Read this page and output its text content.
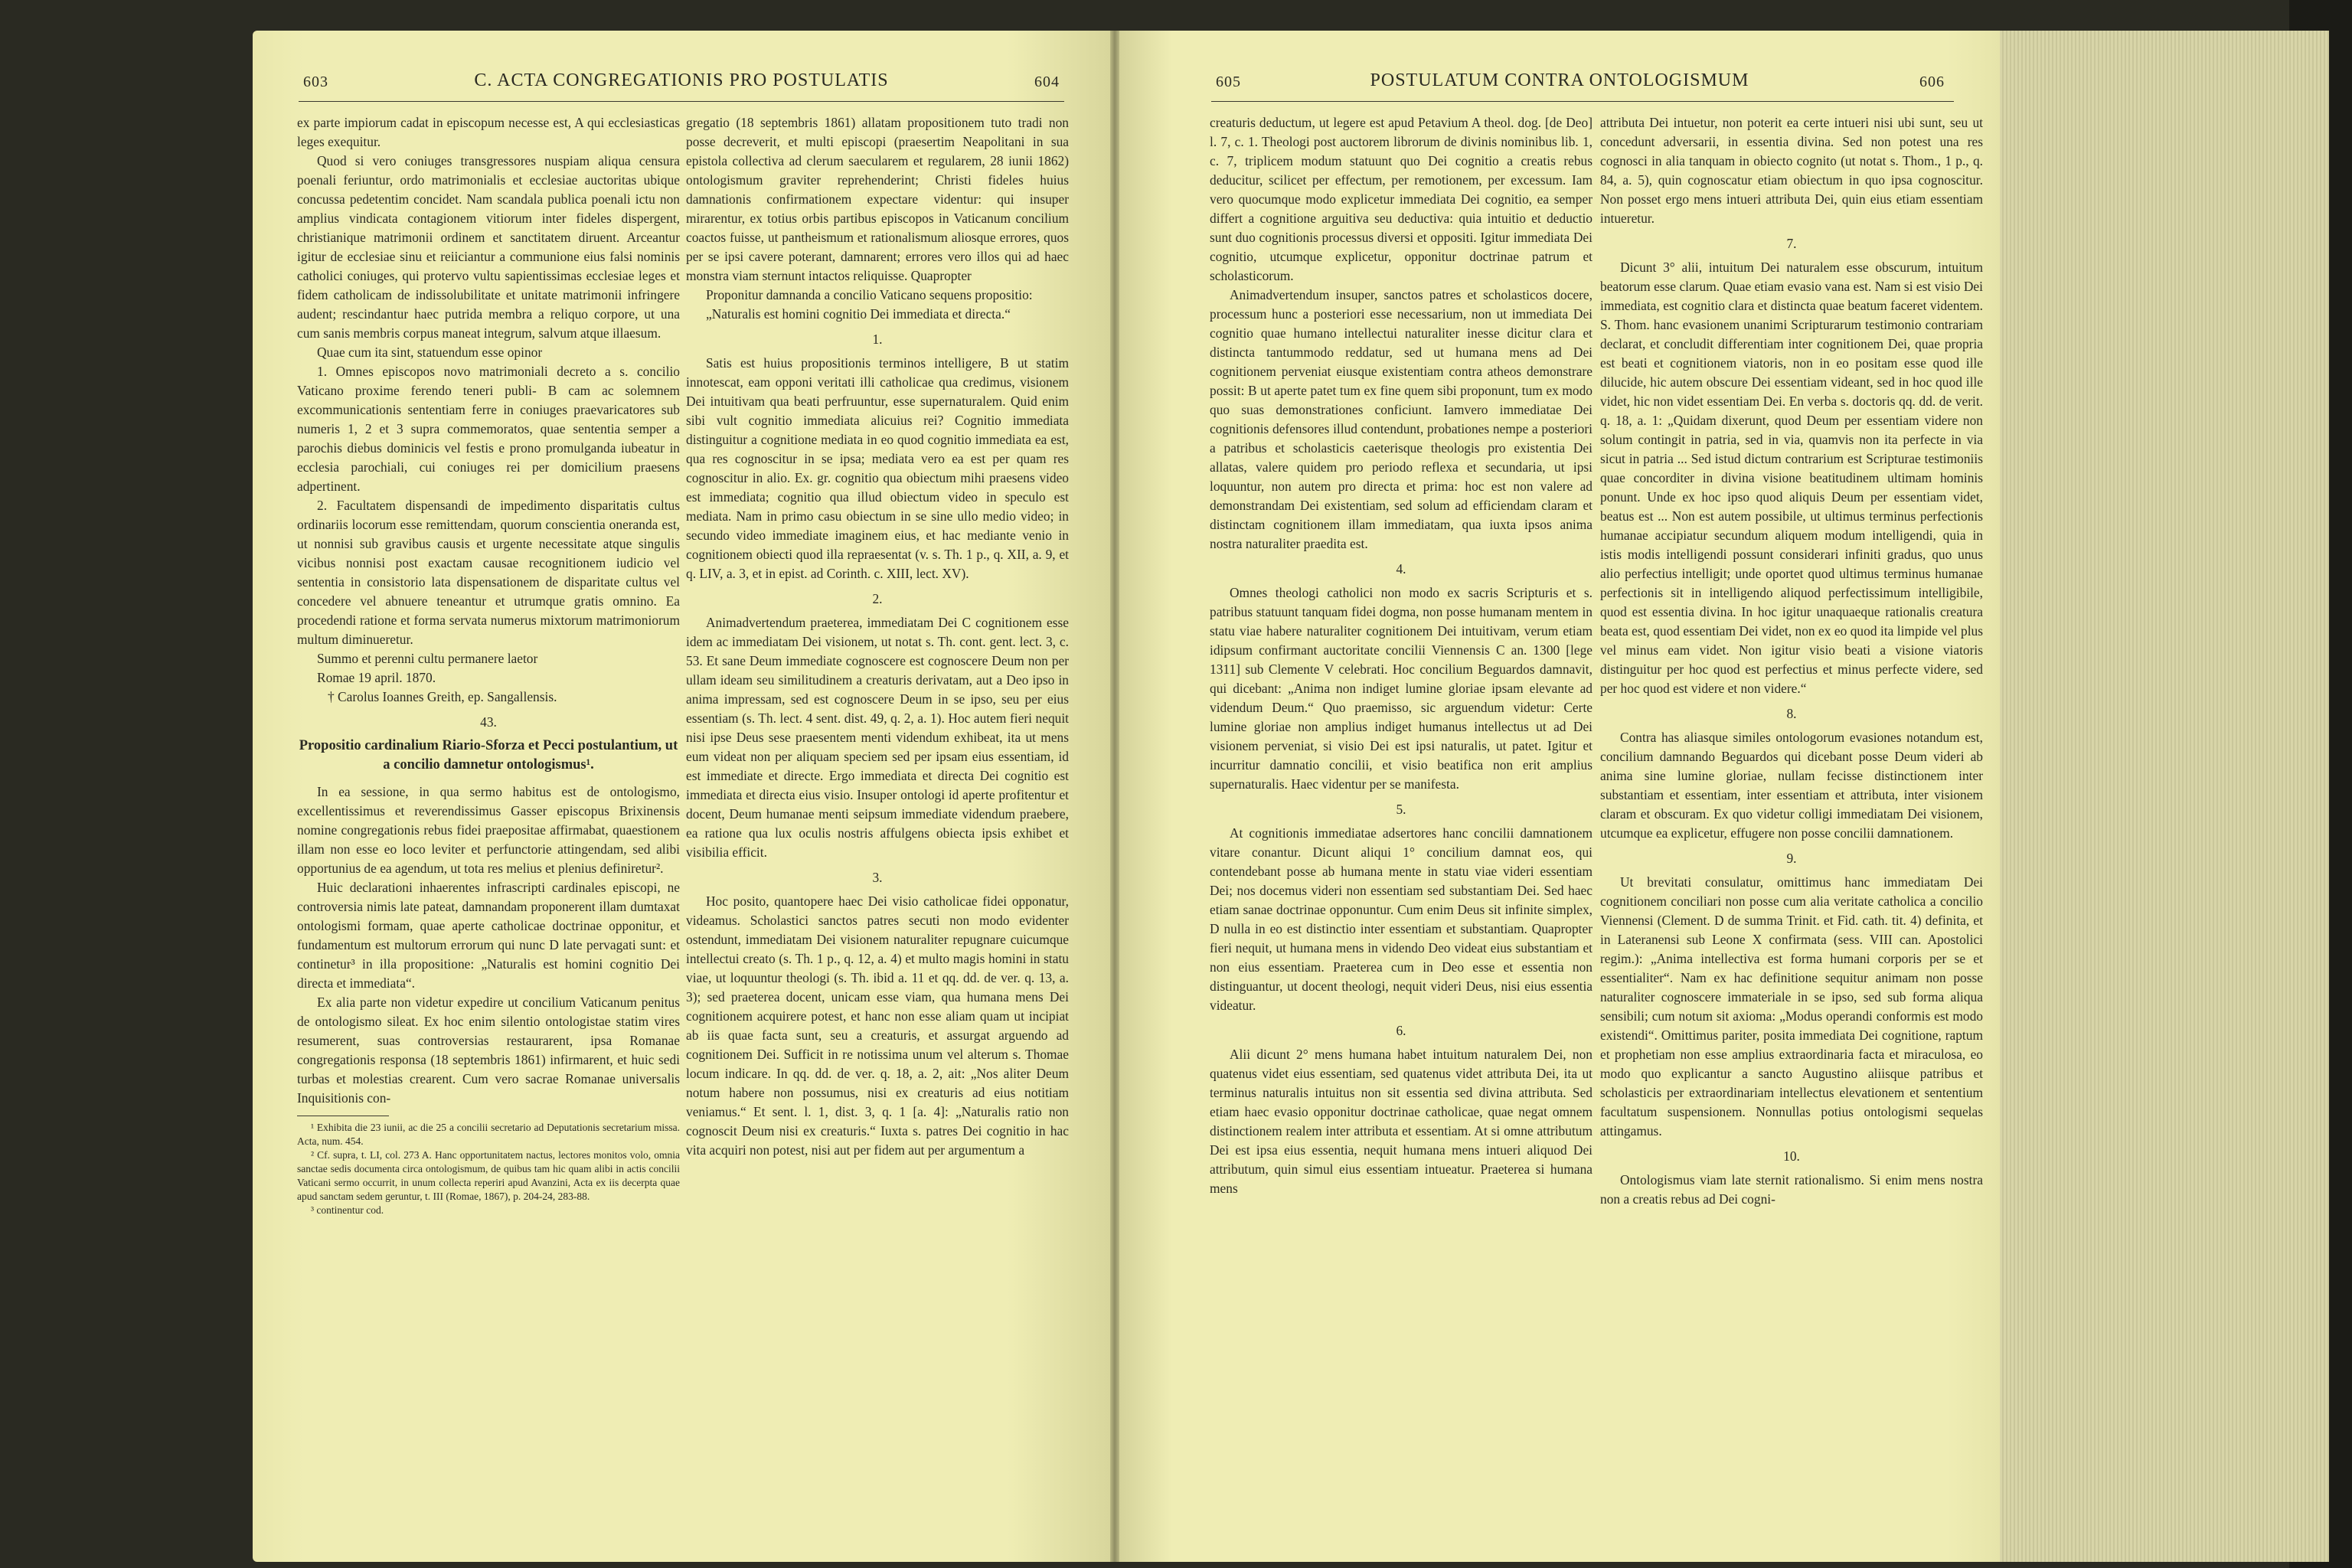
603	C. ACTA CONGREGATIONIS PRO POSTULATIS	604

ex parte impiorum cadat in episcopum necesse est, A qui ecclesiasticas leges exequitur.

Quod si vero coniuges transgressores nuspiam aliqua censura poenali feriuntur, ordo matrimonialis et ecclesiae auctoritas ubique concussa pedetentim concidet. Nam scandala publica poenali ictu non amplius vindicata contagionem vitiorum inter fideles dispergent, christianique matrimonii ordinem et sanctitatem diruent. Arceantur igitur de ecclesiae sinu et reiiciantur a communione eius falsi nominis catholici coniuges, qui protervo vultu sapientissimas ecclesiae leges et fidem catholicam de indissolubilitate et unitate matrimonii infringere audent; rescindantur haec putrida membra a reliquo corpore, ut una cum sanis membris corpus maneat integrum, salvum atque illaesum.

Quae cum ita sint, statuendum esse opinor

1. Omnes episcopos novo matrimoniali decreto a s. concilio Vaticano proxime ferendo teneri publi- B cam ac solemnem excommunicationis sententiam ferre in coniuges praevaricatores sub numeris 1, 2 et 3 supra commemoratos, quae sententia semper a parochis diebus dominicis vel festis e prono promulganda iubeatur in ecclesia parochiali, cui coniuges rei per domicilium praesens adpertinent.

2. Facultatem dispensandi de impedimento disparitatis cultus ordinariis locorum esse remittendam, quorum conscientia oneranda est, ut nonnisi sub gravibus causis et urgente necessitate atque singulis vicibus nonnisi post exactam causae recognitionem iudicio vel sententia in consistorio lata dispensationem de disparitate cultus vel concedere vel abnuere teneantur et utrumque gratis omnino. Ea procedendi ratione et forma servata numerus mixtorum matrimoniorum multum diminueretur.

Summo et perenni cultu permanere laetor

Romae 19 april. 1870.

† Carolus Ioannes Greith, ep. Sangallensis.

43.

Propositio cardinalium Riario-Sforza et Pecci postulantium, ut a concilio damnetur ontologismus¹.

In ea sessione, in qua sermo habitus est de ontologismo, excellentissimus et reverendissimus Gasser episcopus Brixinensis nomine congregationis rebus fidei praepositae affirmabat, quaestionem illam non esse eo loco leviter et perfunctorie attingendam, sed alibi opportunius de ea agendum, ut tota res melius et plenius definiretur².

Huic declarationi inhaerentes infrascripti cardinales episcopi, ne controversia nimis late pateat, damnandam proponerent illam dumtaxat ontologismi formam, quae aperte catholicae doctrinae opponitur, et fundamentum est multorum errorum qui nunc D late pervagati sunt: et continetur³ in illa propositione: „Naturalis est homini cognitio Dei directa et immediata“.

Ex alia parte non videtur expedire ut concilium Vaticanum penitus de ontologismo sileat. Ex hoc enim silentio ontologistae statim vires resumerent, suas controversias restaurarent, ipsa Romanae congregationis responsa (18 septembris 1861) infirmarent, et huic sedi turbas et molestias crearent. Cum vero sacrae Romanae universalis Inquisitionis con-

¹ Exhibita die 23 iunii, ac die 25 a concilii secretario ad Deputationis secretarium missa. Acta, num. 454.

² Cf. supra, t. LI, col. 273 A. Hanc opportunitatem nactus, lectores monitos volo, omnia sanctae sedis documenta circa ontologismum, de quibus tam hic quam alibi in actis concilii Vaticani sermo occurrit, in unum collecta reperiri apud Avanzini, Acta ex iis decerpta quae apud sanctam sedem geruntur, t. III (Romae, 1867), p. 204-24, 283-88.

³ continentur cod.

gregatio (18 septembris 1861) allatam propositionem tuto tradi non posse decreverit, et multi episcopi (praesertim Neapolitani in sua epistola collectiva ad clerum saecularem et regularem, 28 iunii 1862) ontologismum graviter reprehenderint; Christi fideles huius damnationis confirmationem expectare videntur: qui insuper mirarentur, ex totius orbis partibus episcopos in Vaticanum concilium coactos fuisse, ut pantheismum et rationalismum aliosque errores, quos per se ipsi cavere poterant, damnarent; errores vero illos qui ad haec monstra viam sternunt intactos reliquisse. Quapropter

Proponitur damnanda a concilio Vaticano sequens propositio:

„Naturalis est homini cognitio Dei immediata et directa.“

1.

Satis est huius propositionis terminos intelligere, B ut statim innotescat, eam opponi veritati illi catholicae qua credimus, visionem Dei intuitivam qua beati perfruuntur, esse supernaturalem. Quid enim sibi vult cognitio immediata alicuius rei? Cognitio immediata distinguitur a cognitione mediata in eo quod cognitio immediata ea est, qua res cognoscitur in se ipsa; mediata vero ea est per quam res cognoscitur in alio. Ex. gr. cognitio qua obiectum mihi praesens video est immediata; cognitio qua illud obiectum video in speculo est mediata. Nam in primo casu obiectum in se sine ullo medio video; in secundo video immediate imaginem eius, et hac mediante venio in cognitionem obiecti quod illa repraesentat (v. s. Th. 1 p., q. XII, a. 9, et q. LIV, a. 3, et in epist. ad Corinth. c. XIII, lect. XV).

2.

Animadvertendum praeterea, immediatam Dei C cognitionem esse idem ac immediatam Dei visionem, ut notat s. Th. cont. gent. lect. 3, c. 53. Et sane Deum immediate cognoscere est cognoscere Deum non per ullam ideam seu similitudinem a creaturis derivatam, aut a Deo ipso in anima impressam, sed est cognoscere Deum in se ipso, seu per eius essentiam (s. Th. lect. 4 sent. dist. 49, q. 2, a. 1). Hoc autem fieri nequit nisi ipse Deus sese praesentem menti videndum exhibeat, ita ut mens eum videat non per aliquam speciem sed per ipsam eius essentiam, id est immediate et directe. Ergo immediata et directa Dei cognitio est immediata et directa eius visio. Insuper ontologi id aperte profitentur et docent, Deum humanae menti seipsum immediate videndum praebere, ea ratione qua lux oculis nostris affulgens obiecta ipsis exhibet et visibilia efficit.

3.

Hoc posito, quantopere haec Dei visio catholicae fidei opponatur, videamus. Scholastici sanctos patres secuti non modo evidenter ostendunt, immediatam Dei visionem naturaliter repugnare cuicumque intellectui creato (s. Th. 1 p., q. 12, a. 4) et multo magis homini in statu viae, ut loquuntur theologi (s. Th. ibid a. 11 et qq. dd. de ver. q. 13, a. 3); sed praeterea docent, unicam esse viam, qua humana mens Dei cognitionem acquirere potest, et hanc non esse aliam quam ut incipiat ab iis quae facta sunt, seu a creaturis, et assurgat arguendo ad cognitionem Dei. Sufficit in re notissima unum vel alterum s. Thomae locum indicare. In qq. dd. de ver. q. 18, a. 2, ait: „Nos aliter Deum notum habere non possumus, nisi ex creaturis ad eius notitiam veniamus.“ Et sent. l. 1, dist. 3, q. 1 [a. 4]: „Naturalis ratio non cognoscit Deum nisi ex creaturis.“ Iuxta s. patres Dei cognitio in hac vita acquiri non potest, nisi aut per fidem aut per argumentum a

605	POSTULATUM CONTRA ONTOLOGISMUM	606

creaturis deductum, ut legere est apud Petavium A theol. dog. [de Deo] l. 7, c. 1. Theologi post auctorem librorum de divinis nominibus lib. 1, c. 7, triplicem modum statuunt quo Dei cognitio a creatis rebus deducitur, scilicet per effectum, per remotionem, per excessum. Iam vero quocumque modo explicetur immediata Dei cognitio, ea semper differt a cognitione arguitiva seu deductiva: quia intuitio et deductio sunt duo cognitionis processus diversi et oppositi. Igitur immediata Dei cognitio, utcumque explicetur, opponitur doctrinae patrum et scholasticorum.

Animadvertendum insuper, sanctos patres et scholasticos docere, processum hunc a posteriori esse necessarium, non ut immediata Dei cognitio quae humano intellectui naturaliter inesse dicitur clara et distincta tantummodo reddatur, sed ut humana mens ad Dei cognitionem perveniat eiusque existentiam contra atheos demonstrare possit: B ut aperte patet tum ex fine quem sibi proponunt, tum ex modo quo suas demonstrationes conficiunt. Iamvero immediatae Dei cognitionis defensores illud contendunt, probationes nempe a posteriori a patribus et scholasticis caeterisque theologis pro existentia Dei allatas, valere quidem pro periodo reflexa et secundaria, ut ipsi loquuntur, non autem pro directa et prima: hoc est non valere ad demonstrandam Dei existentiam, sed solum ad efficiendam claram et distinctam cognitionem illam immediatam, qua iuxta ipsos anima nostra naturaliter praedita est.

4.

Omnes theologi catholici non modo ex sacris Scripturis et s. patribus statuunt tanquam fidei dogma, non posse humanam mentem in statu viae habere naturaliter cognitionem Dei intuitivam, verum etiam idipsum confirmant auctoritate concilii Viennensis C an. 1300 [lege 1311] sub Clemente V celebrati. Hoc concilium Beguardos damnavit, qui dicebant: „Anima non indiget lumine gloriae ipsam elevante ad videndum Deum.“ Quo praemisso, sic arguendum videtur: Certe lumine gloriae non amplius indiget humanus intellectus ut ad Dei visionem perveniat, si visio Dei est ipsi naturalis, ut patet. Igitur et incurritur damnatio concilii, et visio beatifica non erit amplius supernaturalis. Haec videntur per se manifesta.

5.

At cognitionis immediatae adsertores hanc concilii damnationem vitare conantur. Dicunt aliqui 1° concilium damnat eos, qui contendebant posse ab humana mente in statu viae videri essentiam Dei; nos docemus videri non essentiam sed substantiam Dei. Sed haec etiam sanae doctrinae opponuntur. Cum enim Deus sit infinite simplex, D nulla in eo est distinctio inter essentiam et substantiam. Quapropter fieri nequit, ut humana mens in videndo Deo videat eius substantiam et non eius essentiam. Praeterea cum in Deo esse et essentia non distinguantur, ut docent theologi, nequit videri Deus, nisi eius essentia videatur.

6.

Alii dicunt 2° mens humana habet intuitum naturalem Dei, non quatenus videt eius essentiam, sed quatenus videt attributa Dei, ita ut terminus naturalis intuitus non sit essentia sed divina attributa. Sed etiam haec evasio opponitur doctrinae catholicae, quae negat omnem distinctionem realem inter attributa et essentiam. At si omne attributum Dei est ipsa eius essentia, nequit humana mens intueri aliquod Dei attributum, quin simul eius essentiam intueatur. Praeterea si humana mens

attributa Dei intuetur, non poterit ea certe intueri nisi ubi sunt, seu ut concedunt adversarii, in essentia divina. Sed non potest una res cognosci in alia tanquam in obiecto cognito (ut notat s. Thom., 1 p., q. 84, a. 5), quin cognoscatur etiam obiectum in quo ipsa cognoscitur. Non posset ergo mens intueri attributa Dei, quin eius etiam essentiam intueretur.

7.

Dicunt 3° alii, intuitum Dei naturalem esse obscurum, intuitum beatorum esse clarum. Quae etiam evasio vana est. Nam si est visio Dei immediata, est cognitio clara et distincta quae beatum faceret videntem. S. Thom. hanc evasionem unanimi Scripturarum testimonio contrariam declarat, et concludit differentiam inter cognitionem Dei, quae propria est beati et cognitionem viatoris, non in eo positam esse quod ille dilucide, hic autem obscure Dei essentiam videant, sed in hoc quod ille videt, hic non videt essentiam Dei. En verba s. doctoris qq. dd. de verit. q. 18, a. 1: „Quidam dixerunt, quod Deum per essentiam videre non solum contingit in patria, sed in via, quamvis non ita perfecte in via sicut in patria ... Sed istud dictum contrarium est Scripturae testimoniis quae concorditer in divina visione beatitudinem ultimam hominis ponunt. Unde ex hoc ipso quod aliquis Deum per essentiam videt, beatus est ... Non est autem possibile, ut ultimus terminus perfectionis humanae accipiatur secundum aliquem modum intelligendi, quia in istis modis intelligendi possunt considerari infiniti gradus, quo unus alio perfectius intelligit; unde oportet quod ultimus terminus humanae perfectionis sit in intelligendo aliquod perfectissimum intelligibile, quod est essentia divina. In hoc igitur unaquaeque rationalis creatura beata est, quod essentiam Dei videt, non ex eo quod ita limpide vel plus vel minus eam videt. Non igitur visio beati a visione viatoris distinguitur per hoc quod est perfectius et minus perfecte videre, sed per hoc quod est videre et non videre.“

8.

Contra has aliasque similes ontologorum evasiones notandum est, concilium damnando Beguardos qui dicebant posse Deum videri ab anima sine lumine gloriae, nullam fecisse distinctionem inter substantiam et essentiam, inter essentiam et attributa, inter visionem claram et obscuram. Ex quo videtur colligi immediatam Dei visionem, utcumque ea explicetur, effugere non posse concilii damnationem.

9.

Ut brevitati consulatur, omittimus hanc immediatam Dei cognitionem conciliari non posse cum alia veritate catholica a concilio Viennensi (Clement. D de summa Trinit. et Fid. cath. tit. 4) definita, et in Lateranensi sub Leone X confirmata (sess. VIII can. Apostolici regim.): „Anima intellectiva est forma humani corporis per se et essentialiter“. Nam ex hac definitione sequitur animam non posse naturaliter cognoscere immateriale in se ipso, sed sub forma aliqua sensibili; cum notum sit axioma: „Modus operandi conformis est modo existendi“. Omittimus pariter, posita immediata Dei cognitione, raptum et prophetiam non esse amplius extraordinaria facta et miraculosa, eo modo quo explicantur a sancto Augustino aliisque patribus et scholasticis per extraordinariam intellectus elevationem et sententium facultatum suspensionem. Nonnullas potius ontologismi sequelas attingamus.

10.

Ontologismus viam late sternit rationalismo. Si enim mens nostra non a creatis rebus ad Dei cogni-
